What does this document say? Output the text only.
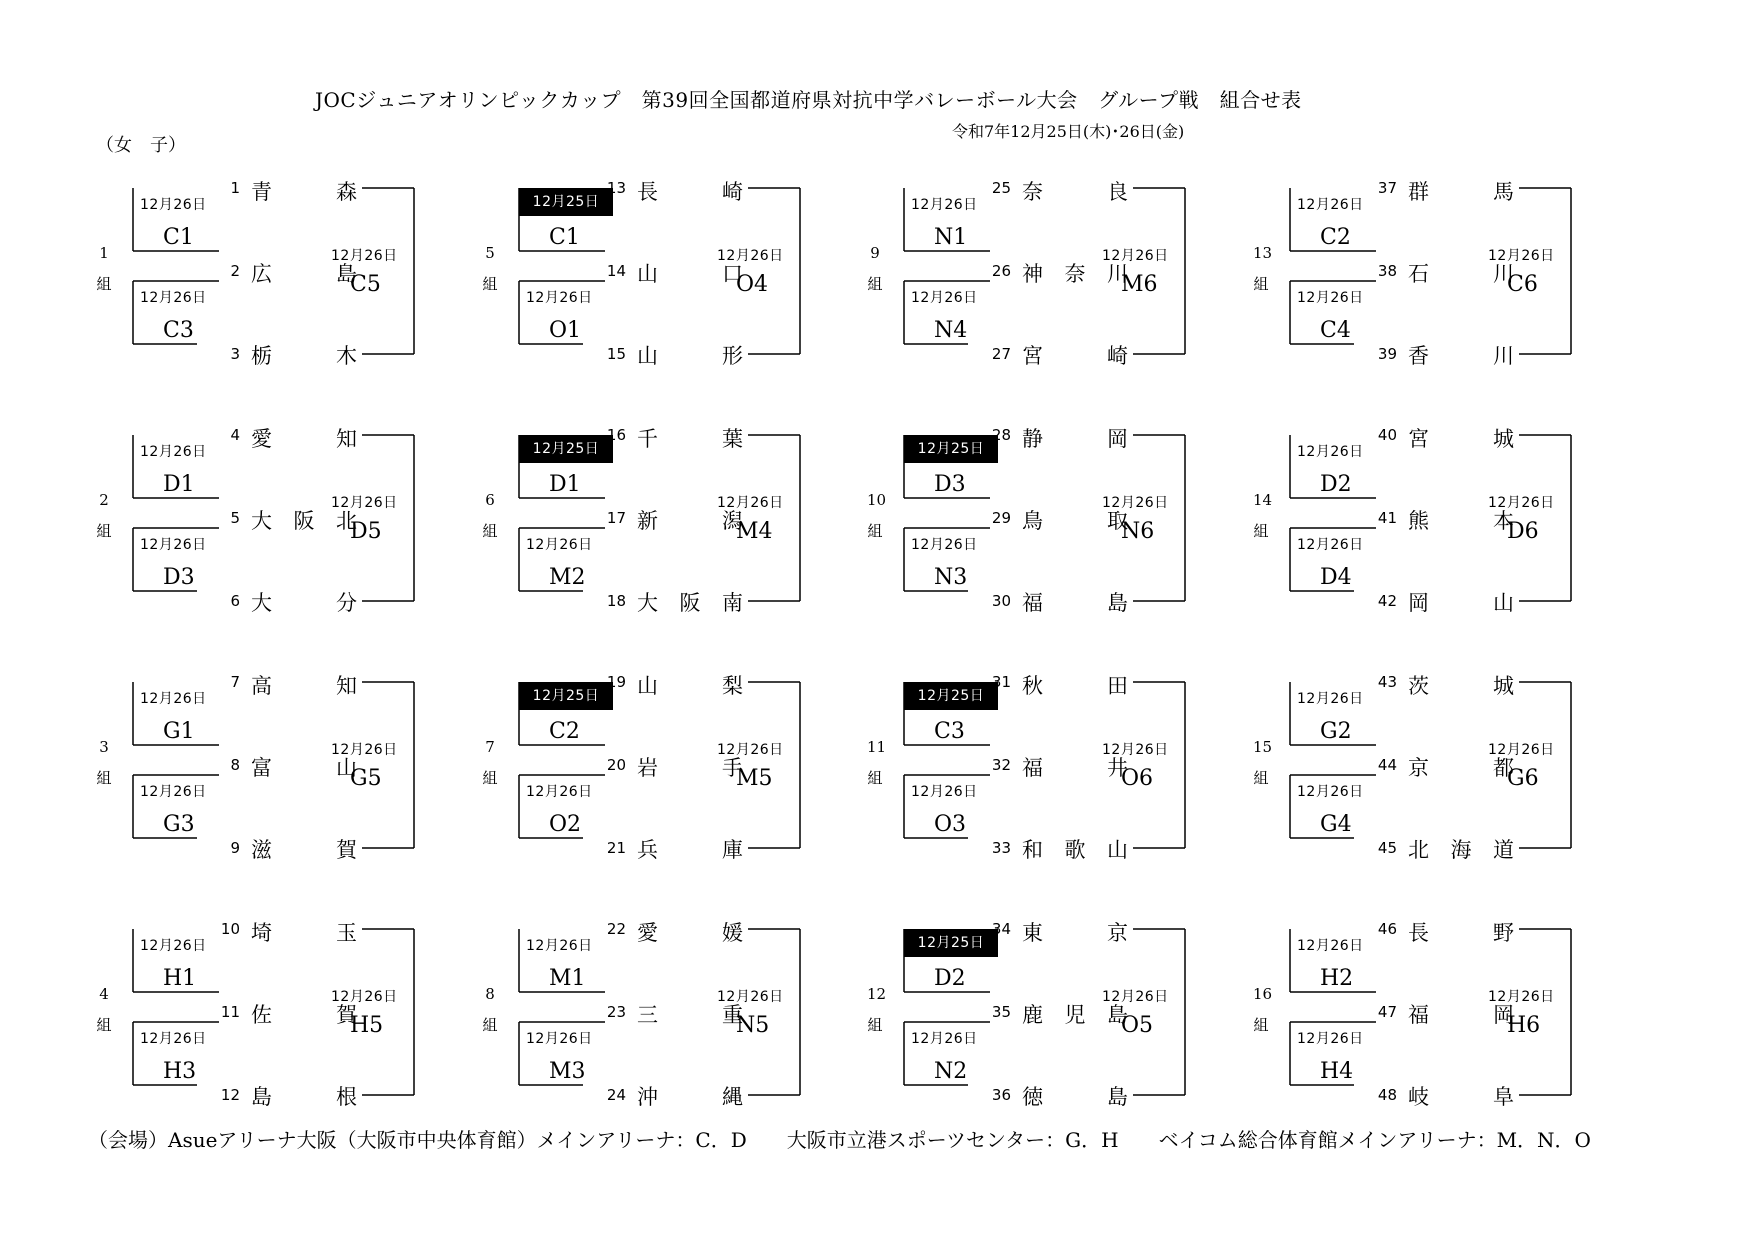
JOCジュニアオリンピックカップ　第39回全国都道府県対抗中学バレーボール大会　グループ戦　組合せ表
令和7年12月25日(木)･26日(金)
（女　子）
1
組
12月26日
C1
12月26日
C3
12月26日
C5
1 青森
2 広島
3 栃木
2
組
12月26日
D1
12月26日
D3
12月26日
D5
4 愛知
5 大阪北
6 大分
3
組
12月26日
G1
12月26日
G3
12月26日
G5
7 高知
8 富山
9 滋賀
4
組
12月26日
H1
12月26日
H3
12月26日
H5
10 埼玉
11 佐賀
12 島根
5
組
12月25日
C1
12月26日
O1
12月26日
O4
13 長崎
14 山口
15 山形
6
組
12月25日
D1
12月26日
M2
12月26日
M4
16 千葉
17 新潟
18 大阪南
7
組
12月25日
C2
12月26日
O2
12月26日
M5
19 山梨
20 岩手
21 兵庫
8
組
12月26日
M1
12月26日
M3
12月26日
N5
22 愛媛
23 三重
24 沖縄
9
組
12月26日
N1
12月26日
N4
12月26日
M6
25 奈良
26 神奈川
27 宮崎
10
組
12月25日
D3
12月26日
N3
12月26日
N6
28 静岡
29 鳥取
30 福島
11
組
12月25日
C3
12月26日
O3
12月26日
O6
31 秋田
32 福井
33 和歌山
12
組
12月25日
D2
12月26日
N2
12月26日
O5
34 東京
35 鹿児島
36 徳島
13
組
12月26日
C2
12月26日
C4
12月26日
C6
37 群馬
38 石川
39 香川
14
組
12月26日
D2
12月26日
D4
12月26日
D6
40 宮城
41 熊本
42 岡山
15
組
12月26日
G2
12月26日
G4
12月26日
G6
43 茨城
44 京都
45 北海道
16
組
12月26日
H2
12月26日
H4
12月26日
H6
46 長野
47 福岡
48 岐阜
（会場）Asueアリーナ大阪（大阪市中央体育館）メインアリーナ：C．D　　大阪市立港スポーツセンター：G．H　　ベイコム総合体育館メインアリーナ：M．N．O
